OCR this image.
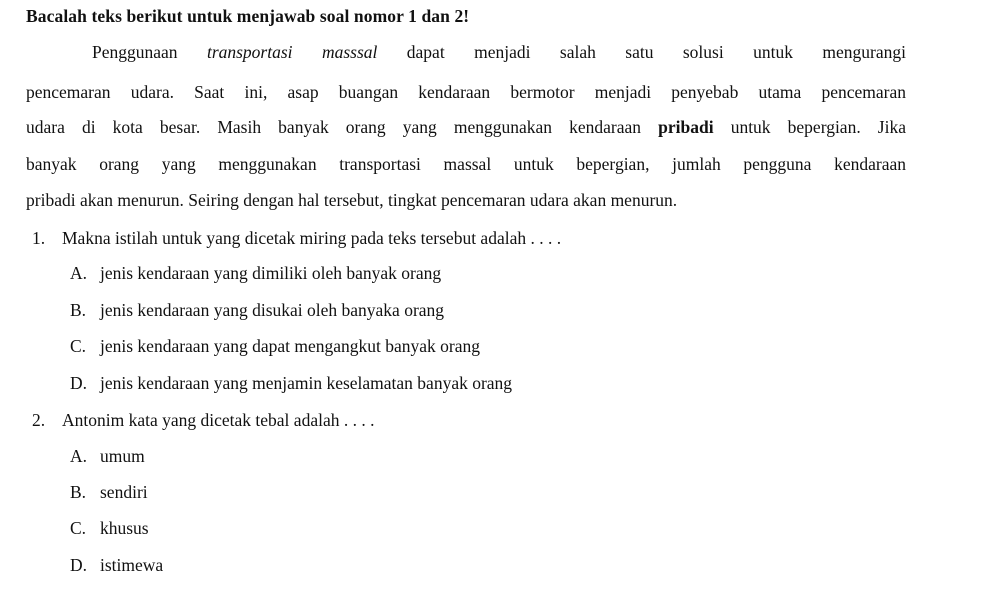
Bacalah teks berikut untuk menjawab soal nomor 1 dan 2!
Penggunaan transportasi masssal dapat menjadi salah satu solusi untuk mengurangi
pencemaran udara. Saat ini, asap buangan kendaraan bermotor menjadi penyebab utama pencemaran
udara di kota besar. Masih banyak orang yang menggunakan kendaraan pribadi untuk bepergian. Jika
banyak orang yang menggunakan transportasi massal untuk bepergian, jumlah pengguna kendaraan
pribadi akan menurun. Seiring dengan hal tersebut, tingkat pencemaran udara akan menurun.
1. Makna istilah untuk yang dicetak miring pada teks tersebut adalah . . . .
A. jenis kendaraan yang dimiliki oleh banyak orang
B. jenis kendaraan yang disukai oleh banyaka orang
C. jenis kendaraan yang dapat mengangkut banyak orang
D. jenis kendaraan yang menjamin keselamatan banyak orang
2. Antonim kata yang dicetak tebal adalah . . . .
A. umum
B. sendiri
C. khusus
D. istimewa
